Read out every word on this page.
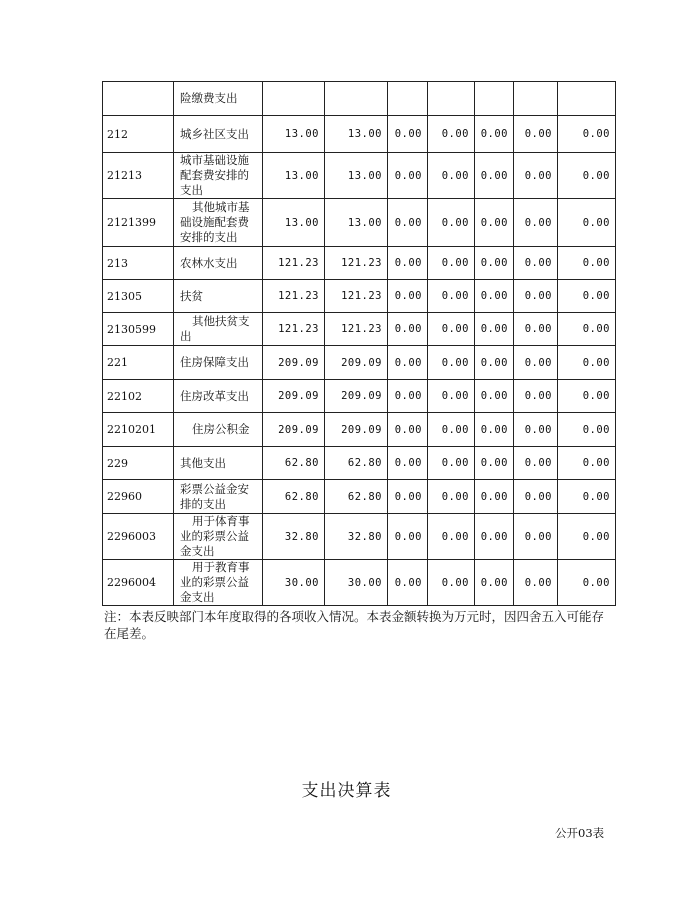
	险缴费支出							
212	城乡社区支出	13.00	13.00	0.00	0.00	0.00	0.00	0.00
21213	城市基础设施配套费安排的支出	13.00	13.00	0.00	0.00	0.00	0.00	0.00
2121399	其他城市基础设施配套费安排的支出	13.00	13.00	0.00	0.00	0.00	0.00	0.00
213	农林水支出	121.23	121.23	0.00	0.00	0.00	0.00	0.00
21305	扶贫	121.23	121.23	0.00	0.00	0.00	0.00	0.00
2130599	其他扶贫支出	121.23	121.23	0.00	0.00	0.00	0.00	0.00
221	住房保障支出	209.09	209.09	0.00	0.00	0.00	0.00	0.00
22102	住房改革支出	209.09	209.09	0.00	0.00	0.00	0.00	0.00
2210201	住房公积金	209.09	209.09	0.00	0.00	0.00	0.00	0.00
229	其他支出	62.80	62.80	0.00	0.00	0.00	0.00	0.00
22960	彩票公益金安排的支出	62.80	62.80	0.00	0.00	0.00	0.00	0.00
2296003	用于体育事业的彩票公益金支出	32.80	32.80	0.00	0.00	0.00	0.00	0.00
2296004	用于教育事业的彩票公益金支出	30.00	30.00	0.00	0.00	0.00	0.00	0.00
注：本表反映部门本年度取得的各项收入情况。本表金额转换为万元时，因四舍五入可能存在尾差。
支出决算表
公开03表
